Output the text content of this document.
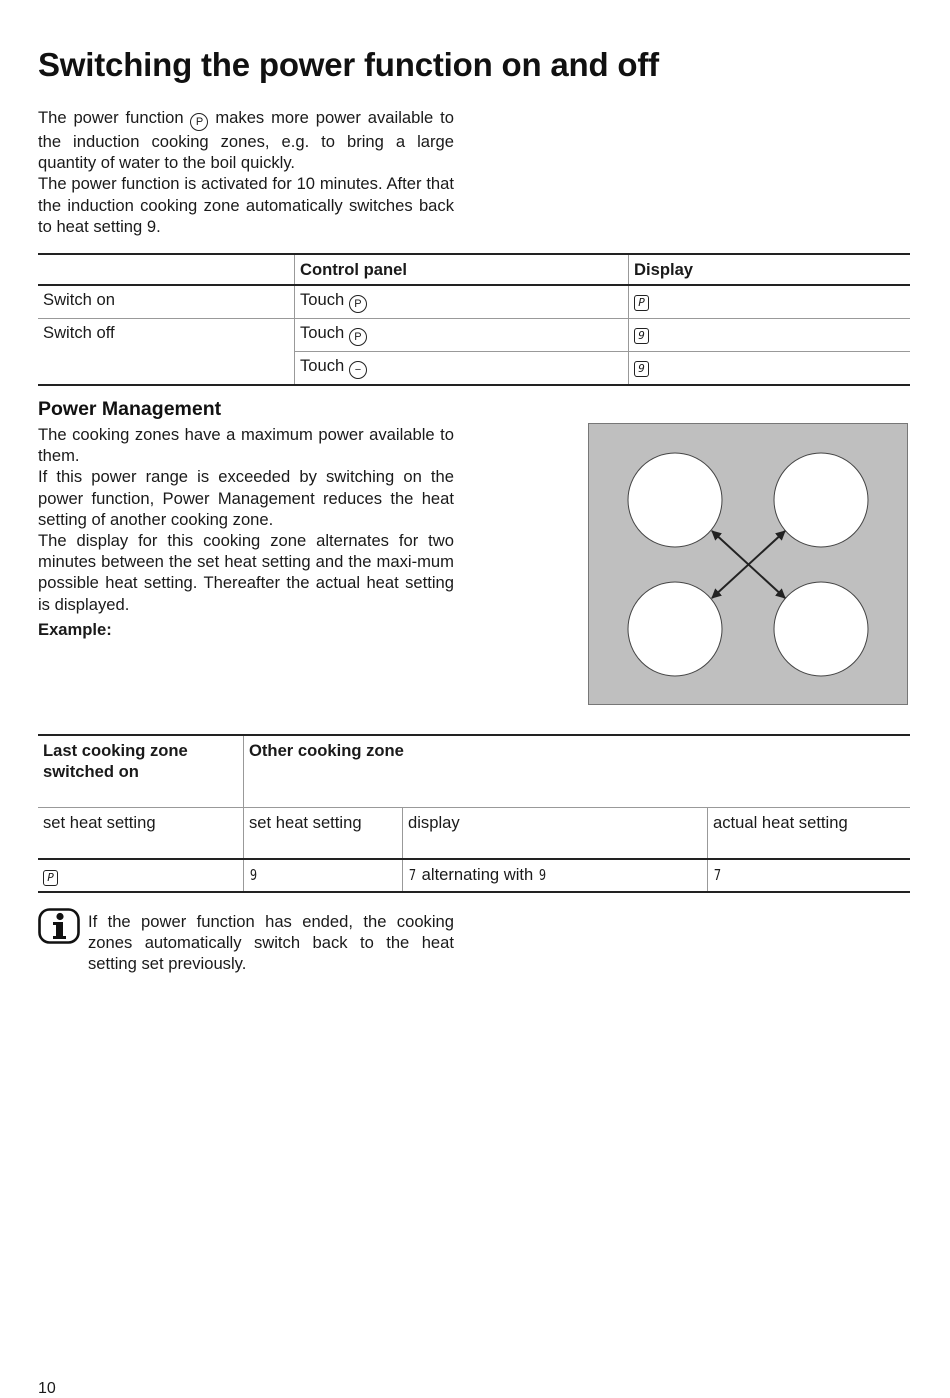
Switching the power function on and off

The power function P makes more power available to the induction cooking zones, e.g. to bring a large quantity of water to the boil quickly.

The power function is activated for 10 minutes. After that the induction cooking zone automatically switches back to heat setting 9.

	Control panel	Display
Switch on	Touch P	P
Switch off	Touch P	9
	Touch −	9
Power Management

The cooking zones have a maximum power available to them.

If this power range is exceeded by switching on the power function, Power Management reduces the heat setting of another cooking zone.

The display for this cooking zone alternates for two minutes between the set heat setting and the maxi-mum possible heat setting. Thereafter the actual heat setting is displayed.

Example:

Last cooking zone switched on	Other cooking zone		
set heat setting	set heat setting	display	actual heat setting
P	9	7 alternating with 9	7

If the power function has ended, the cooking zones automatically switch back to the heat setting set previously.

10
